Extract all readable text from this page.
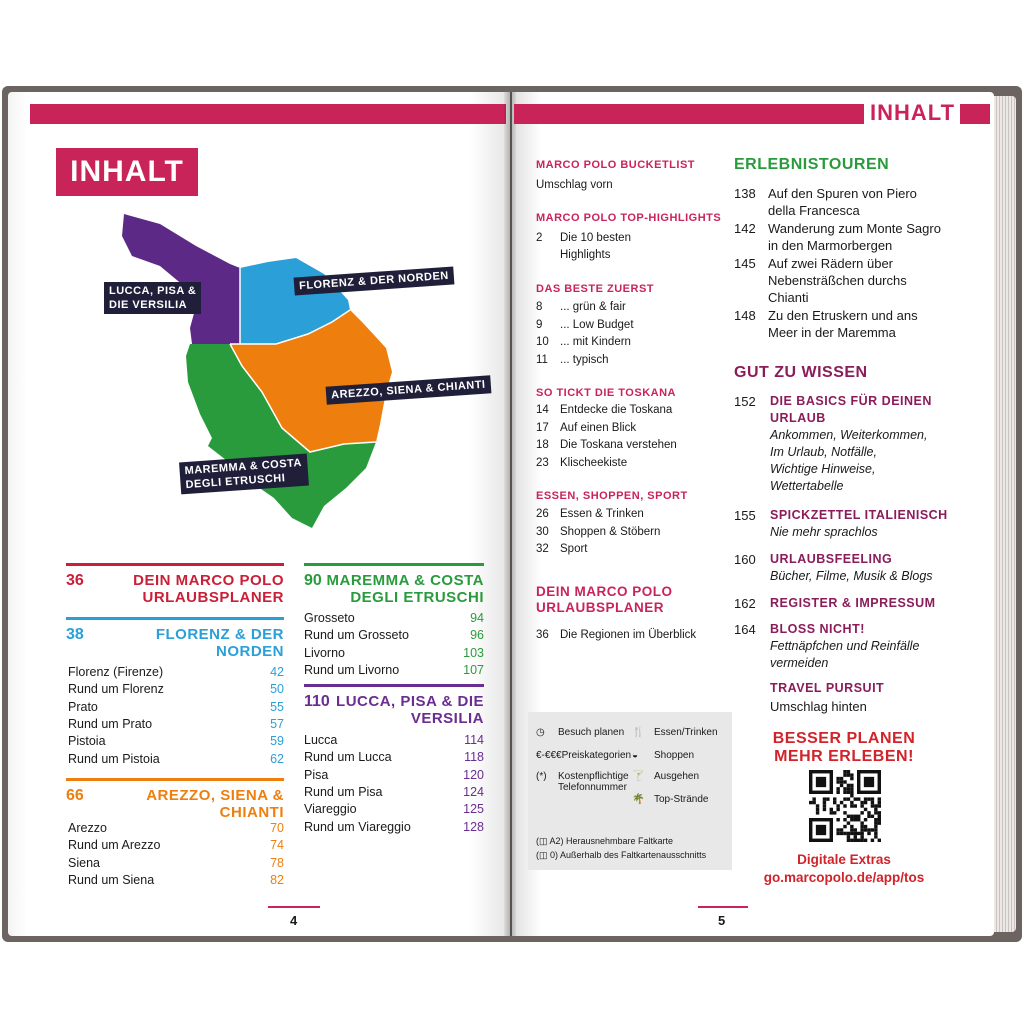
INHALT
LUCCA, PISA &
DIE VERSILIA
FLORENZ & DER NORDEN
AREZZO, SIENA & CHIANTI
MAREMMA & COSTA
DEGLI ETRUSCHI
36	DEIN MARCO POLO
URLAUBSPLANER
38	FLORENZ & DER
NORDEN
Florenz (Firenze)	42
Rund um Florenz	50
Prato	55
Rund um Prato	57
Pistoia	59
Rund um Pistoia	62
66	AREZZO, SIENA &
CHIANTI
Arezzo	70
Rund um Arezzo	74
Siena	78
Rund um Siena	82
90 MAREMMA & COSTA
DEGLI ETRUSCHI
Grosseto	94
Rund um Grosseto	96
Livorno	103
Rund um Livorno	107
110 LUCCA, PISA & DIE
VERSILIA
Lucca	114
Rund um Lucca	118
Pisa	120
Rund um Pisa	124
Viareggio	125
Rund um Viareggio	128
4
INHALT
MARCO POLO BUCKETLIST
Umschlag vorn
MARCO POLO TOP-HIGHLIGHTS
2 Die 10 besten
Highlights
DAS BESTE ZUERST
8 ... grün & fair
9 ... Low Budget
10 ... mit Kindern
11 ... typisch
SO TICKT DIE TOSKANA
14 Entdecke die Toskana
17 Auf einen Blick
18 Die Toskana verstehen
23 Klischeekiste
ESSEN, SHOPPEN, SPORT
26 Essen & Trinken
30 Shoppen & Stöbern
32 Sport
DEIN MARCO POLO
URLAUBSPLANER
36 Die Regionen im Überblick
ERLEBNISTOUREN
138 Auf den Spuren von Piero
della Francesca
142 Wanderung zum Monte Sagro
in den Marmorbergen
145 Auf zwei Rädern über
Nebensträßchen durchs
Chianti
148 Zu den Etruskern und ans
Meer in der Maremma
GUT ZU WISSEN
152 DIE BASICS FÜR DEINEN
URLAUB
Ankommen, Weiterkommen,
Im Urlaub, Notfälle,
Wichtige Hinweise,
Wettertabelle
155 SPICKZETTEL ITALIENISCH
Nie mehr sprachlos
160 URLAUBSFEELING
Bücher, Filme, Musik & Blogs
162 REGISTER & IMPRESSUM
164 BLOSS NICHT!
Fettnäpfchen und Reinfälle
vermeiden
TRAVEL PURSUIT
Umschlag hinten
◷ Besuch planen
€-€€€ Preiskategorien
(*) Kostenpflichtige
Telefonnummer
🍴 Essen/Trinken
◒ Shoppen
🍸 Ausgehen
🌴 Top-Strände
(◫ A2) Herausnehmbare Faltkarte
(◫ 0) Außerhalb des Faltkartenausschnitts
BESSER PLANEN
MEHR ERLEBEN!
Digitale Extras
go.marcopolo.de/app/tos
5
